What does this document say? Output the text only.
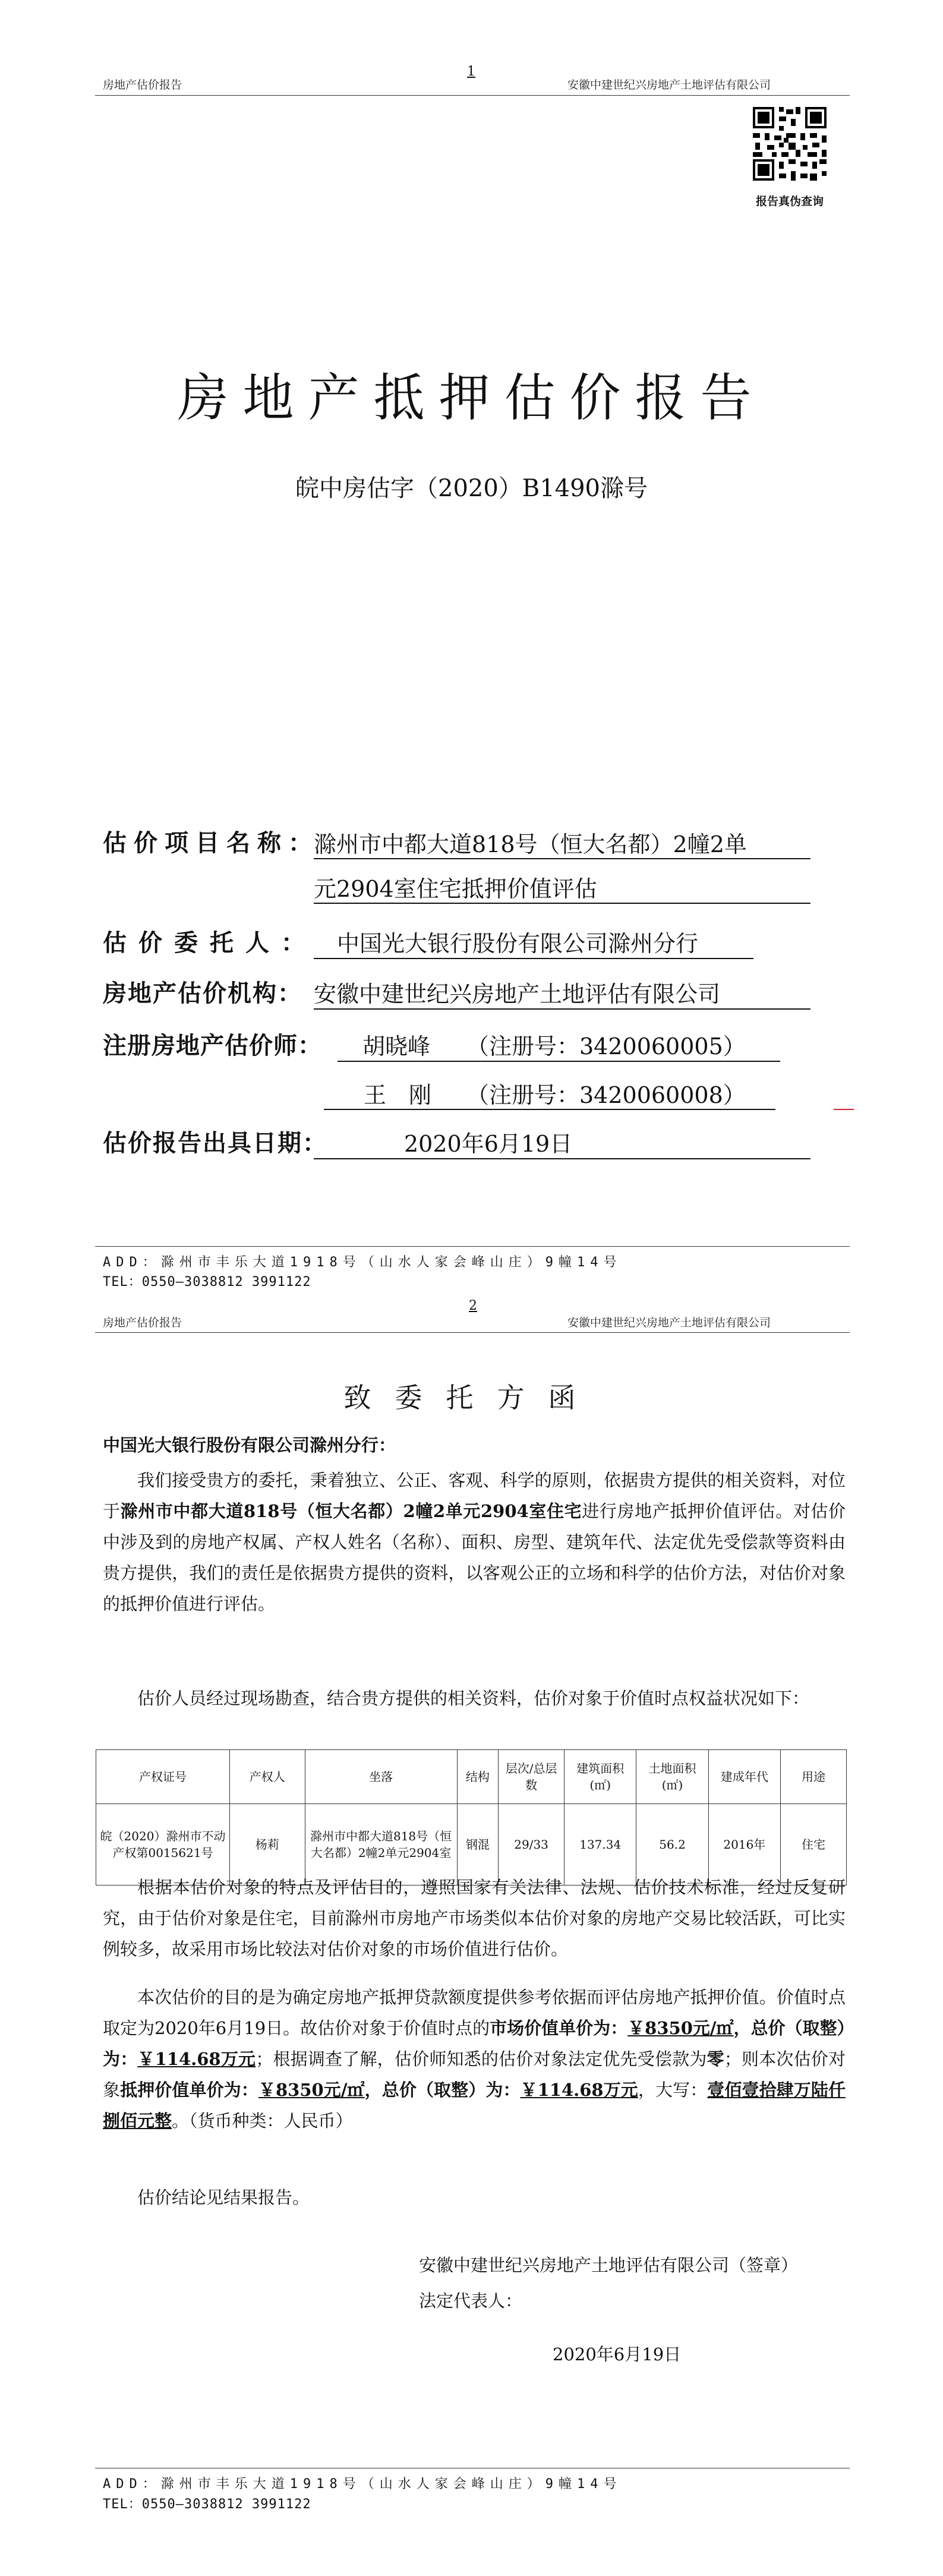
房地产估价报告
1
安徽中建世纪兴房地产土地评估有限公司
报告真伪查询
房地产抵押估价报告
皖中房估字（2020）B1490滁号
估价项目名称：
滁州市中都大道818号（恒大名都）2幢2单
元2904室住宅抵押价值评估
估价委托人： 中国光大银行股份有限公司滁州分行
房地产估价机构： 安徽中建世纪兴房地产土地评估有限公司
注册房地产估价师： 胡晓峰 （注册号：3420060005）
王　刚 （注册号：3420060008）
估价报告出具日期：	2020年6月19日
ADD：滁州市丰乐大道1918号（山水人家会峰山庄）9幢14号
TEL：0550—3038812 3991122
2
房地产估价报告	安徽中建世纪兴房地产土地评估有限公司
致委托方函
中国光大银行股份有限公司滁州分行：
我们接受贵方的委托，秉着独立、公正、客观、科学的原则，依据贵方提供的相关资料，对位于滁州市中都大道818号（恒大名都）2幢2单元2904室住宅进行房地产抵押价值评估。对估价中涉及到的房地产权属、产权人姓名（名称）、面积、房型、建筑年代、法定优先受偿款等资料由贵方提供，我们的责任是依据贵方提供的资料，以客观公正的立场和科学的估价方法，对估价对象的抵押价值进行评估。
估价人员经过现场勘查，结合贵方提供的相关资料，估价对象于价值时点权益状况如下：
产权证号	产权人	坐落	结构	层次/总层数	建筑面积(㎡)	土地面积(㎡)	建成年代	用途
皖（2020）滁州市不动产权第0015621号	杨莉	滁州市中都大道818号（恒大名都）2幢2单元2904室	钢混	29/33	137.34	56.2	2016年	住宅
根据本估价对象的特点及评估目的，遵照国家有关法律、法规、估价技术标准，经过反复研究，由于估价对象是住宅，目前滁州市房地产市场类似本估价对象的房地产交易比较活跃，可比实例较多，故采用市场比较法对估价对象的市场价值进行估价。
本次估价的目的是为确定房地产抵押贷款额度提供参考依据而评估房地产抵押价值。价值时点取定为2020年6月19日。故估价对象于价值时点的市场价值单价为：￥8350元/㎡，总价（取整）为：￥114.68万元；根据调查了解，估价师知悉的估价对象法定优先受偿款为零；则本次估价对象抵押价值单价为：￥8350元/㎡，总价（取整）为：￥114.68万元，大写：壹佰壹拾肆万陆仟捌佰元整。（货币种类：人民币）
估价结论见结果报告。
安徽中建世纪兴房地产土地评估有限公司（签章）
法定代表人：
2020年6月19日
ADD：滁州市丰乐大道1918号（山水人家会峰山庄）9幢14号
TEL：0550—3038812 3991122
